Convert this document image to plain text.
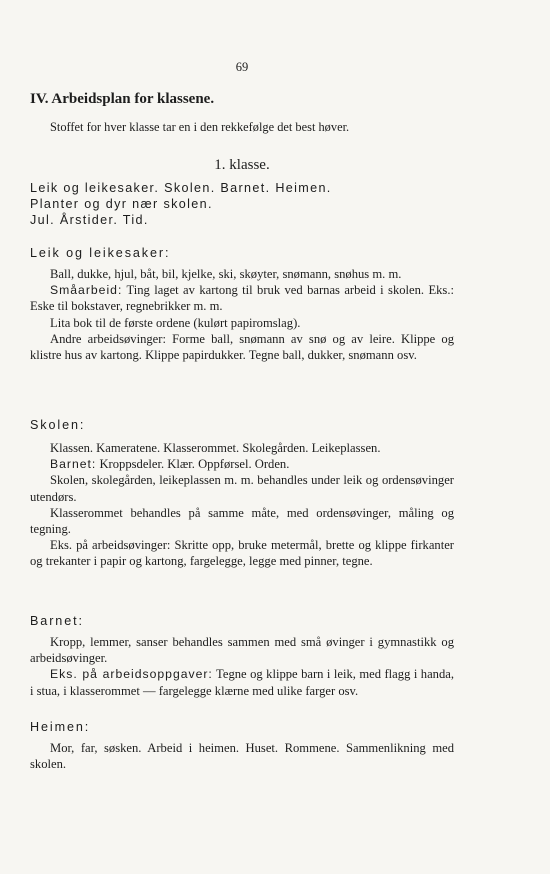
69
IV. Arbeidsplan for klassene.
Stoffet for hver klasse tar en i den rekkefølge det best høver.
1. klasse.
Leik og leikesaker. Skolen. Barnet. Heimen.
Planter og dyr nær skolen.
Jul. Årstider. Tid.
Leik og leikesaker:

Ball, dukke, hjul, båt, bil, kjelke, ski, skøyter, snømann, snøhus m. m.

Småarbeid: Ting laget av kartong til bruk ved barnas arbeid i skolen. Eks.: Eske til bokstaver, regnebrikker m. m.

Lita bok til de første ordene (kulørt papiromslag).

Andre arbeidsøvinger: Forme ball, snømann av snø og av leire. Klippe og klistre hus av kartong. Klippe papirdukker. Tegne ball, dukker, snømann osv.

Skolen:

Klassen. Kameratene. Klasserommet. Skolegården. Leikeplassen.

Barnet: Kroppsdeler. Klær. Oppførsel. Orden.

Skolen, skolegården, leikeplassen m. m. behandles under leik og ordensøvinger utendørs.

Klasserommet behandles på samme måte, med ordensøvinger, måling og tegning.

Eks. på arbeidsøvinger: Skritte opp, bruke metermål, brette og klippe firkanter og trekanter i papir og kartong, fargelegge, legge med pinner, tegne.

Barnet:

Kropp, lemmer, sanser behandles sammen med små øvinger i gymnastikk og arbeidsøvinger.

Eks. på arbeidsoppgaver: Tegne og klippe barn i leik, med flagg i handa, i stua, i klasserommet — fargelegge klærne med ulike farger osv.

Heimen:

Mor, far, søsken. Arbeid i heimen. Huset. Rommene. Sammenlikning med skolen.
